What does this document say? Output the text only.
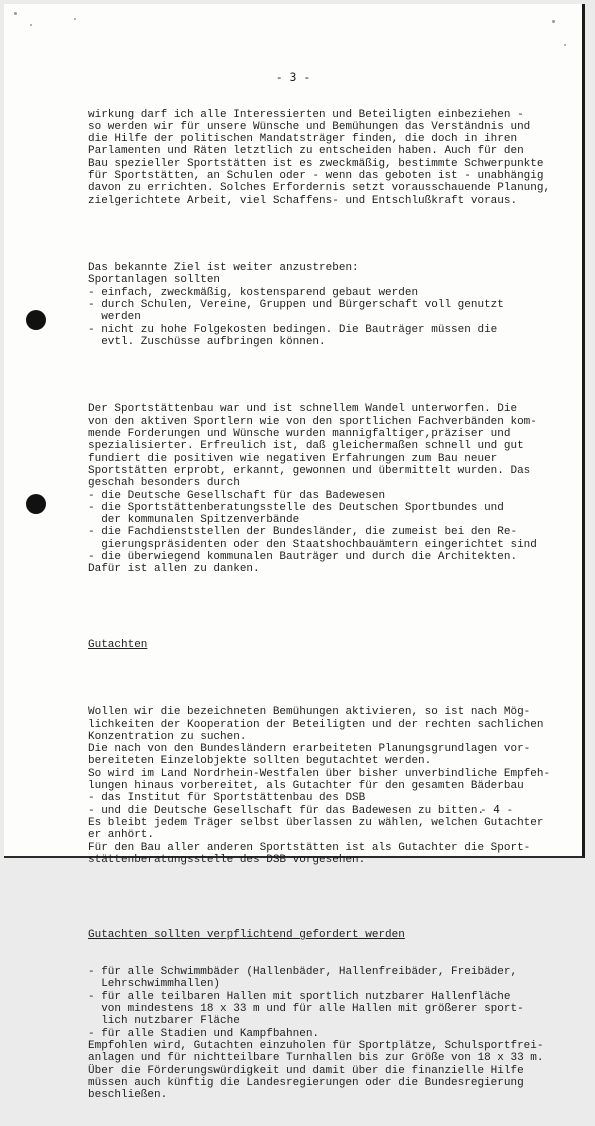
- 3 -

wirkung darf ich alle Interessierten und Beteiligten einbeziehen -
so werden wir für unsere Wünsche und Bemühungen das Verständnis und
die Hilfe der politischen Mandatsträger finden, die doch in ihren
Parlamenten und Räten letztlich zu entscheiden haben. Auch für den
Bau spezieller Sportstätten ist es zweckmäßig, bestimmte Schwerpunkte
für Sportstätten, an Schulen oder - wenn das geboten ist - unabhängig
davon zu errichten. Solches Erfordernis setzt vorausschauende Planung,
zielgerichtete Arbeit, viel Schaffens- und Entschlußkraft voraus.

Das bekannte Ziel ist weiter anzustreben:
Sportanlagen sollten
- einfach, zweckmäßig, kostensparend gebaut werden
- durch Schulen, Vereine, Gruppen und Bürgerschaft voll genutzt
werden
- nicht zu hohe Folgekosten bedingen. Die Bauträger müssen die
evtl. Zuschüsse aufbringen können.

Der Sportstättenbau war und ist schnellem Wandel unterworfen. Die
von den aktiven Sportlern wie von den sportlichen Fachverbänden kom-
mende Forderungen und Wünsche wurden mannigfaltiger,präziser und
spezialisierter. Erfreulich ist, daß gleichermaßen schnell und gut
fundiert die positiven wie negativen Erfahrungen zum Bau neuer
Sportstätten erprobt, erkannt, gewonnen und übermittelt wurden. Das
geschah besonders durch
- die Deutsche Gesellschaft für das Badewesen
- die Sportstättenberatungsstelle des Deutschen Sportbundes und
der kommunalen Spitzenverbände
- die Fachdienststellen der Bundesländer, die zumeist bei den Re-
gierungspräsidenten oder den Staatshochbauämtern eingerichtet sind
- die überwiegend kommunalen Bauträger und durch die Architekten.
Dafür ist allen zu danken.

Gutachten

Wollen wir die bezeichneten Bemühungen aktivieren, so ist nach Mög-
lichkeiten der Kooperation der Beteiligten und der rechten sachlichen
Konzentration zu suchen.
Die nach von den Bundesländern erarbeiteten Planungsgrundlagen vor-
bereiteten Einzelobjekte sollten begutachtet werden.
So wird im Land Nordrhein-Westfalen über bisher unverbindliche Empfeh-
lungen hinaus vorbereitet, als Gutachter für den gesamten Bäderbau
- das Institut für Sportstättenbau des DSB
- und die Deutsche Gesellschaft für das Badewesen zu bitten.
Es bleibt jedem Träger selbst überlassen zu wählen, welchen Gutachter
er anhört.
Für den Bau aller anderen Sportstätten ist als Gutachter die Sport-
stättenberatungsstelle des DSB vorgesehen.

Gutachten sollten verpflichtend gefordert werden

- für alle Schwimmbäder (Hallenbäder, Hallenfreibäder, Freibäder,
Lehrschwimmhallen)
- für alle teilbaren Hallen mit sportlich nutzbarer Hallenfläche
von mindestens 18 x 33 m und für alle Hallen mit größerer sport-
lich nutzbarer Fläche
- für alle Stadien und Kampfbahnen.
Empfohlen wird, Gutachten einzuholen für Sportplätze, Schulsportfrei-
anlagen und für nichtteilbare Turnhallen bis zur Größe von 18 x 33 m.
Über die Förderungswürdigkeit und damit über die finanzielle Hilfe
müssen auch künftig die Landesregierungen oder die Bundesregierung
beschließen.

- 4 -
